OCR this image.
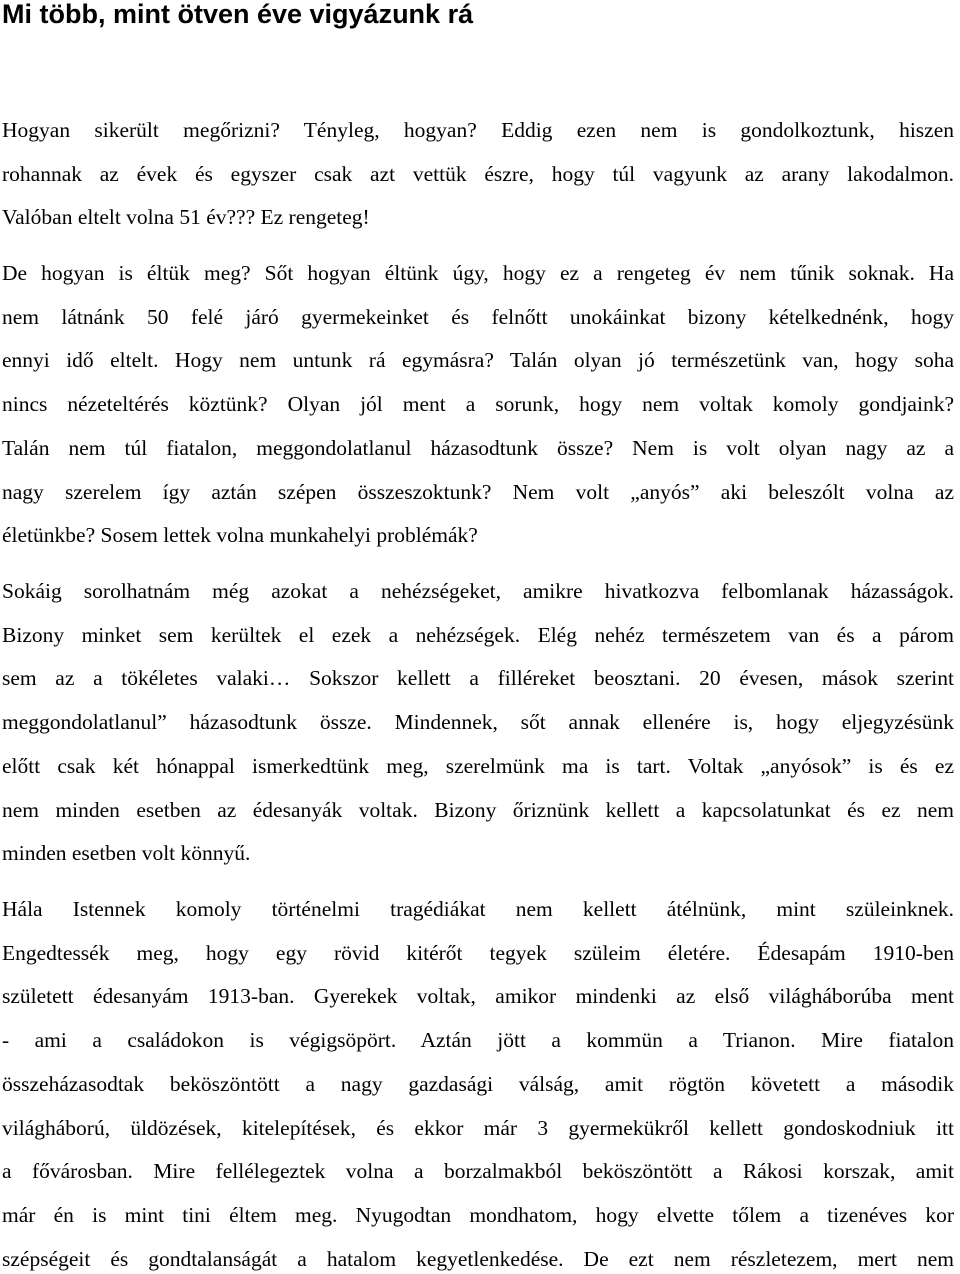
Mi több, mint ötven éve vigyázunk rá
Hogyan sikerült megőrizni? Tényleg, hogyan? Eddig ezen nem is gondolkoztunk, hiszen
rohannak az évek és egyszer csak azt vettük észre, hogy túl vagyunk az arany lakodalmon.
Valóban eltelt volna 51 év??? Ez rengeteg!
De hogyan is éltük meg? Sőt hogyan éltünk úgy, hogy ez a rengeteg év nem tűnik soknak. Ha
nem látnánk 50 felé járó gyermekeinket és felnőtt unokáinkat bizony kételkednénk, hogy
ennyi idő eltelt. Hogy nem untunk rá egymásra? Talán olyan jó természetünk van, hogy soha
nincs nézeteltérés köztünk? Olyan jól ment a sorunk, hogy nem voltak komoly gondjaink?
Talán nem túl fiatalon, meggondolatlanul házasodtunk össze? Nem is volt olyan nagy az a
nagy szerelem így aztán szépen összeszoktunk? Nem volt „anyós” aki beleszólt volna az
életünkbe? Sosem lettek volna munkahelyi problémák?
Sokáig sorolhatnám még azokat a nehézségeket, amikre hivatkozva felbomlanak házasságok.
Bizony minket sem kerültek el ezek a nehézségek. Elég nehéz természetem van és a párom
sem az a tökéletes valaki… Sokszor kellett a filléreket beosztani. 20 évesen, mások szerint
meggondolatlanul” házasodtunk össze. Mindennek, sőt annak ellenére is, hogy eljegyzésünk
előtt csak két hónappal ismerkedtünk meg, szerelmünk ma is tart. Voltak „anyósok” is és ez
nem minden esetben az édesanyák voltak. Bizony őriznünk kellett a kapcsolatunkat és ez nem
minden esetben volt könnyű.
Hála Istennek komoly történelmi tragédiákat nem kellett átélnünk, mint szüleinknek.
Engedtessék meg, hogy egy rövid kitérőt tegyek szüleim életére. Édesapám 1910-ben
született édesanyám 1913-ban. Gyerekek voltak, amikor mindenki az első világháborúba ment
- ami a családokon is végigsöpört. Aztán jött a kommün a Trianon. Mire fiatalon
összeházasodtak beköszöntött a nagy gazdasági válság, amit rögtön követett a második
világháború, üldözések, kitelepítések, és ekkor már 3 gyermekükről kellett gondoskodniuk itt
a fővárosban. Mire fellélegeztek volna a borzalmakból beköszöntött a Rákosi korszak, amit
már én is mint tini éltem meg. Nyugodtan mondhatom, hogy elvette tőlem a tizenéves kor
szépségeit és gondtalanságát a hatalom kegyetlenkedése. De ezt nem részletezem, mert nem
